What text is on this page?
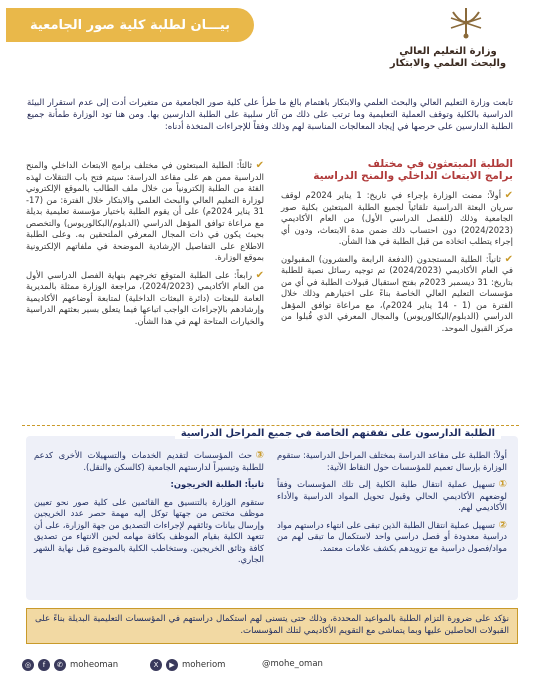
بيـــان لطلبة كلية صور الجامعية
وزارة التعليم العالي
والبحث العلمي والابتكار
تابعت وزارة التعليم العالي والبحث العلمي والابتكار باهتمام بالغ ما طرأ على كلية صور الجامعية من متغيرات أدت إلى عدم استقرار البيئة الدراسية بالكلية وتوقف العملية التعليمية وما ترتب على ذلك من آثار سلبية على الطلبة الدارسين بها. ومن هنا تود الوزارة طمأنة جميع الطلبة الدارسين على حرصها في إيجاد المعالجات المناسبة لهم وذلك وفقاً للإجراءات المتخذة أدناه:
الطلبة المبتعثون في مختلف
برامج الابتعاث الداخلي والمنح الدراسية

✔أولاً: مضت الوزارة بإجراء في تاريخ: 1 يناير 2024م لوقف سريان البعثة الدراسية تلقائياً لجميع الطلبة المبتعثين بكلية صور الجامعية وذلك (للفصل الدراسي الأول) من العام الأكاديمي (2024/2023) دون احتساب ذلك ضمن مدة الابتعاث، ودون أي إجراء يتطلب اتخاذه من قبل الطلبة في هذا الشأن.

✔ثانياً: الطلبة المستجدون (الدفعة الرابعة والعشرون) المقبولون في العام الأكاديمي (2024/2023) تم توجيه رسائل نصية للطلبة بتاريخ: 31 ديسمبر 2023م بفتح استقبال قبولات الطلبة في أي من مؤسسات التعليم العالي الخاصة بناءً على اختيارهم وذلك خلال الفترة من (1 - 14 يناير 2024م)، مع مراعاة توافق المؤهل الدراسي (الدبلوم/البكالوريوس) والمجال المعرفي الذي قُبلوا من مركز القبول الموحد.

✔ثالثاً: الطلبة المبتعثون في مختلف برامج الابتعاث الداخلي والمنح الدراسية ممن هم على مقاعد الدراسة: سيتم فتح باب التنقلات لهذه الفئة من الطلبة إلكترونياً من خلال ملف الطالب بالموقع الإلكتروني لوزارة التعليم العالي والبحث العلمي والابتكار خلال الفترة: من (17- 31 يناير 2024م) على أن يقوم الطلبة باختيار مؤسسة تعليمية بديلة مع مراعاة توافق المؤهل الدراسي (الدبلوم/البكالوريوس) والتخصص بحيث يكون في ذات المجال المعرفي الملتحقين به. وعلى الطلبة الاطلاع على التفاصيل الإرشادية الموضحة في ملفاتهم الإلكترونية بموقع الوزارة.

✔رابعاً: على الطلبة المتوقع تخرجهم بنهاية الفصل الدراسي الأول من العام الأكاديمي (2024/2023)، مراجعة الوزارة ممثلة بالمديرية العامة للبعثات (دائرة البعثات الداخلية) لمتابعة أوضاعهم الأكاديمية وإرشادهم بالإجراءات الواجب اتباعها فيما يتعلق بسير بعثتهم الدراسية والخيارات المتاحة لهم في هذا الشأن.

الطلبة الدارسون على نفقتهم الخاصة في جميع المراحل الدراسية

أولاً: الطلبة على مقاعد الدراسة بمختلف المراحل الدراسية: ستقوم الوزارة بإرسال تعميم للمؤسسات حول النقاط الآتية:

①تسهيل عملية انتقال طلبة الكلية إلى تلك المؤسسات وفقاً لوضعهم الأكاديمي الحالي وقبول تحويل المواد الدراسية والأداء الأكاديمي لهم.

②تسهيل عملية انتقال الطلبة الذين تبقى على انتهاء دراستهم مواد دراسية معدودة أو فصل دراسي واحد لاستكمال ما تبقى لهم من مواد/فصول دراسية مع تزويدهم بكشف علامات معتمد.

③حث المؤسسات لتقديم الخدمات والتسهيلات الأخرى كدعم للطلبة وتيسيراً لدارستهم الجامعية (كالسكن والنقل).

ثانياً: الطلبة الخريجون:

ستقوم الوزارة بالتنسيق مع القائمين على كلية صور نحو تعيين موظف مختص من جهتها توكل إليه مهمة حصر عدد الخريجين وإرسال بيانات وثائقهم لإجراءات التصديق من جهة الوزارة، على أن تتعهد الكلية بقيام الموظف بكافة مهامه لحين الانتهاء من تصديق كافة وثائق الخريجين. وستخاطب الكلية بالموضوع قبل نهاية الشهر الجاري.

نؤكد على ضرورة التزام الطلبة بالمواعيد المحددة، وذلك حتى يتسنى لهم استكمال دراستهم في المؤسسات التعليمية البديلة بناءً على القبولات الحاصلين عليها وبما يتماشى مع التقويم الأكاديمي لتلك المؤسسات.
◎	f	✆ moheoman	X	▶ moheriom	@mohe_oman
